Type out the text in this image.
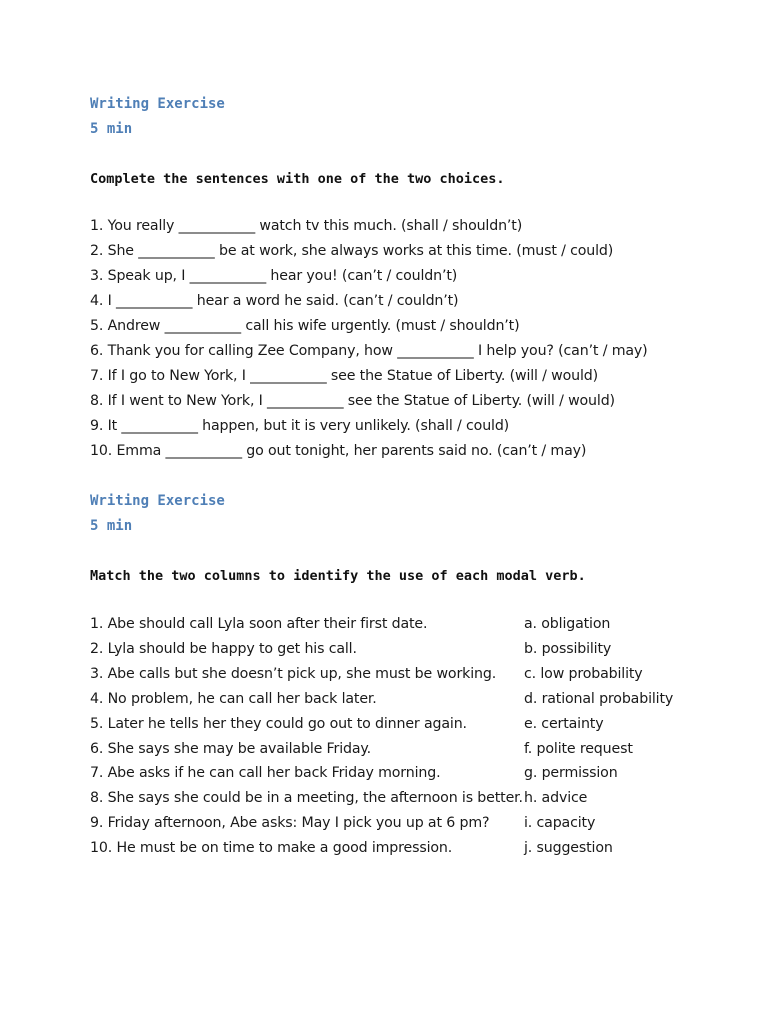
Writing Exercise
5 min
Complete the sentences with one of the two choices.
1. You really ___________ watch tv this much. (shall / shouldn’t)
2. She ___________ be at work, she always works at this time. (must / could)
3. Speak up, I ___________ hear you! (can’t / couldn’t)
4. I ___________ hear a word he said. (can’t / couldn’t)
5. Andrew ___________ call his wife urgently. (must / shouldn’t)
6. Thank you for calling Zee Company, how ___________ I help you? (can’t / may)
7. If I go to New York, I ___________ see the Statue of Liberty. (will / would)
8. If I went to New York, I ___________ see the Statue of Liberty. (will / would)
9. It ___________ happen, but it is very unlikely. (shall / could)
10. Emma ___________ go out tonight, her parents said no. (can’t / may)
Writing Exercise
5 min
Match the two columns to identify the use of each modal verb.
1. Abe should call Lyla soon after their first date.	a. obligation
2. Lyla should be happy to get his call.	b. possibility
3. Abe calls but she doesn’t pick up, she must be working.	c. low probability
4. No problem, he can call her back later.	d. rational probability
5. Later he tells her they could go out to dinner again.	e. certainty
6. She says she may be available Friday.	f. polite request
7. Abe asks if he can call her back Friday morning.	g. permission
8. She says she could be in a meeting, the afternoon is better. h. advice
9. Friday afternoon, Abe asks: May I pick you up at 6 pm?	i. capacity
10. He must be on time to make a good impression.	j. suggestion
